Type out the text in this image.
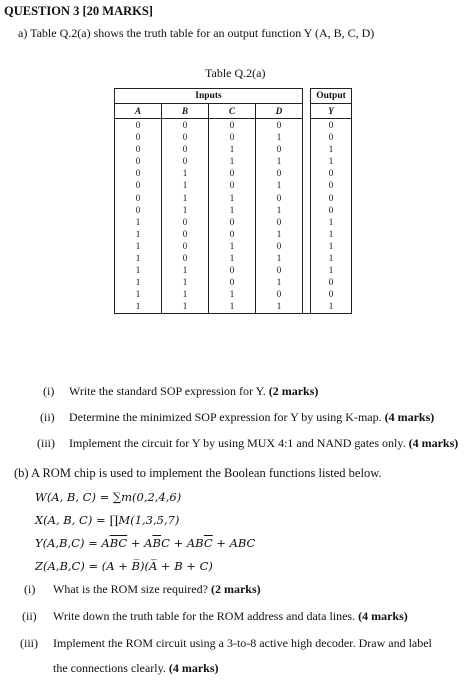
QUESTION 3 [20 MARKS]
a) Table Q.2(a) shows the truth table for an output function Y (A, B, C, D)
Table Q.2(a)
Inputs					Output
A	B	C	D		Y
0	0	0	0		0
0	0	0	1		0
0	0	1	0		1
0	0	1	1		1
0	1	0	0		0
0	1	0	1		0
0	1	1	0		0
0	1	1	1		0
1	0	0	0		1
1	0	0	1		1
1	0	1	0		1
1	0	1	1		1
1	1	0	0		1
1	1	0	1		0
1	1	1	0		0
1	1	1	1		1
(i) Write the standard SOP expression for Y. (2 marks)
(ii) Determine the minimized SOP expression for Y by using K-map. (4 marks)
(iii) Implement the circuit for Y by using MUX 4:1 and NAND gates only. (4 marks)
(b) A ROM chip is used to implement the Boolean functions listed below.
W(A, B, C) = ∑m(0,2,4,6)
X(A, B, C) = ∏M(1,3,5,7)
$Y(A,B,C) = A\overline{B}\overline{C} + A\overline{B}C + AB\overline{C}$ + ABC
Z(A,B,C) = (A + B̅)(A̅ + B + C)
(i) What is the ROM size required? (2 marks)
(ii) Write down the truth table for the ROM address and data lines. (4 marks)
(iii) Implement the ROM circuit using a 3-to-8 active high decoder. Draw and label
the connections clearly. (4 marks)
